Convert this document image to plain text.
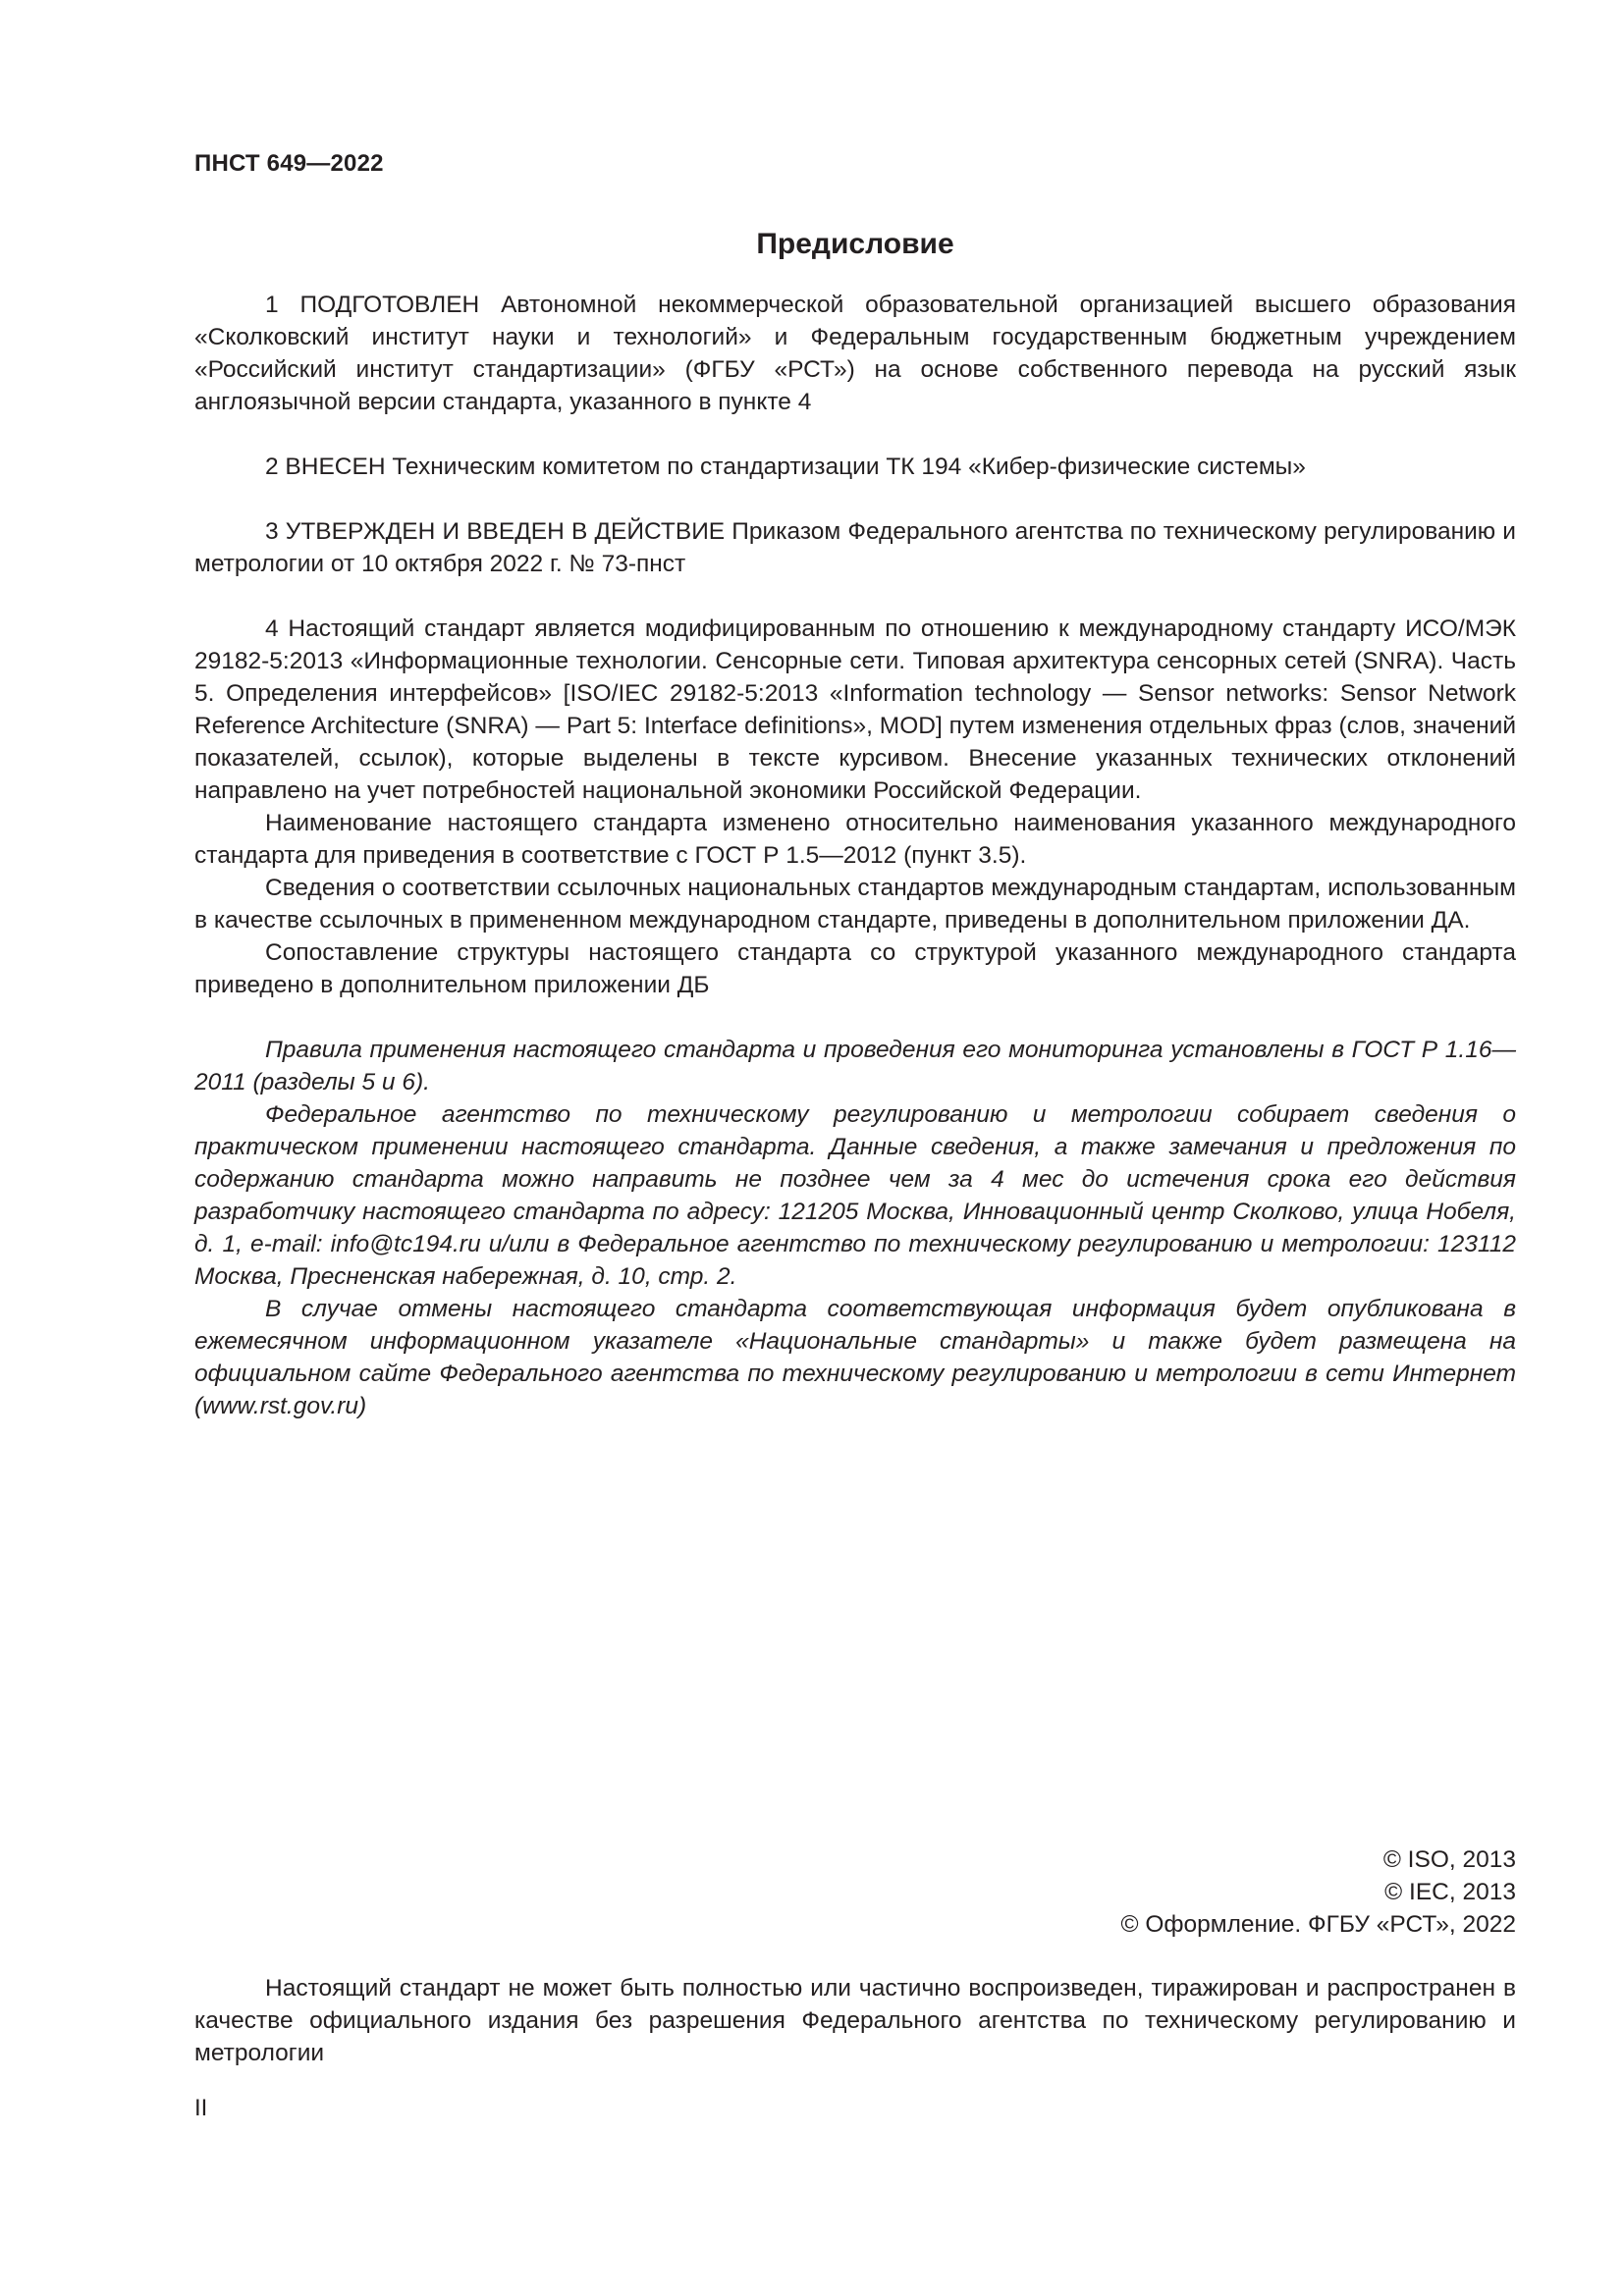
ПНСТ 649—2022
Предисловие

1 ПОДГОТОВЛЕН Автономной некоммерческой образовательной организацией высшего образования «Сколковский институт науки и технологий» и Федеральным государственным бюджетным учреждением «Российский институт стандартизации» (ФГБУ «РСТ») на основе собственного перевода на русский язык англоязычной версии стандарта, указанного в пункте 4

2 ВНЕСЕН Техническим комитетом по стандартизации ТК 194 «Кибер-физические системы»

3 УТВЕРЖДЕН И ВВЕДЕН В ДЕЙСТВИЕ Приказом Федерального агентства по техническому регулированию и метрологии от 10 октября 2022 г. № 73-пнст

4 Настоящий стандарт является модифицированным по отношению к международному стандарту ИСО/МЭК 29182-5:2013 «Информационные технологии. Сенсорные сети. Типовая архитектура сенсорных сетей (SNRA). Часть 5. Определения интерфейсов» [ISO/IEC 29182-5:2013 «Information technology — Sensor networks: Sensor Network Reference Architecture (SNRA) — Part 5: Interface definitions», MOD] путем изменения отдельных фраз (слов, значений показателей, ссылок), которые выделены в тексте курсивом. Внесение указанных технических отклонений направлено на учет потребностей национальной экономики Российской Федерации.

Наименование настоящего стандарта изменено относительно наименования указанного международного стандарта для приведения в соответствие с ГОСТ Р 1.5—2012 (пункт 3.5).

Сведения о соответствии ссылочных национальных стандартов международным стандартам, использованным в качестве ссылочных в примененном международном стандарте, приведены в дополнительном приложении ДА.

Сопоставление структуры настоящего стандарта со структурой указанного международного стандарта приведено в дополнительном приложении ДБ

Правила применения настоящего стандарта и проведения его мониторинга установлены в ГОСТ Р 1.16—2011 (разделы 5 и 6).

Федеральное агентство по техническому регулированию и метрологии собирает сведения о практическом применении настоящего стандарта. Данные сведения, а также замечания и предложения по содержанию стандарта можно направить не позднее чем за 4 мес до истечения срока его действия разработчику настоящего стандарта по адресу: 121205 Москва, Инновационный центр Сколково, улица Нобеля, д. 1, e-mail: info@tc194.ru и/или в Федеральное агентство по техническому регулированию и метрологии: 123112 Москва, Пресненская набережная, д. 10, стр. 2.

В случае отмены настоящего стандарта соответствующая информация будет опубликована в ежемесячном информационном указателе «Национальные стандарты» и также будет размещена на официальном сайте Федерального агентства по техническому регулированию и метрологии в сети Интернет (www.rst.gov.ru)

© ISO, 2013
© IEC, 2013
© Оформление. ФГБУ «РСТ», 2022

Настоящий стандарт не может быть полностью или частично воспроизведен, тиражирован и распространен в качестве официального издания без разрешения Федерального агентства по техническому регулированию и метрологии

II
